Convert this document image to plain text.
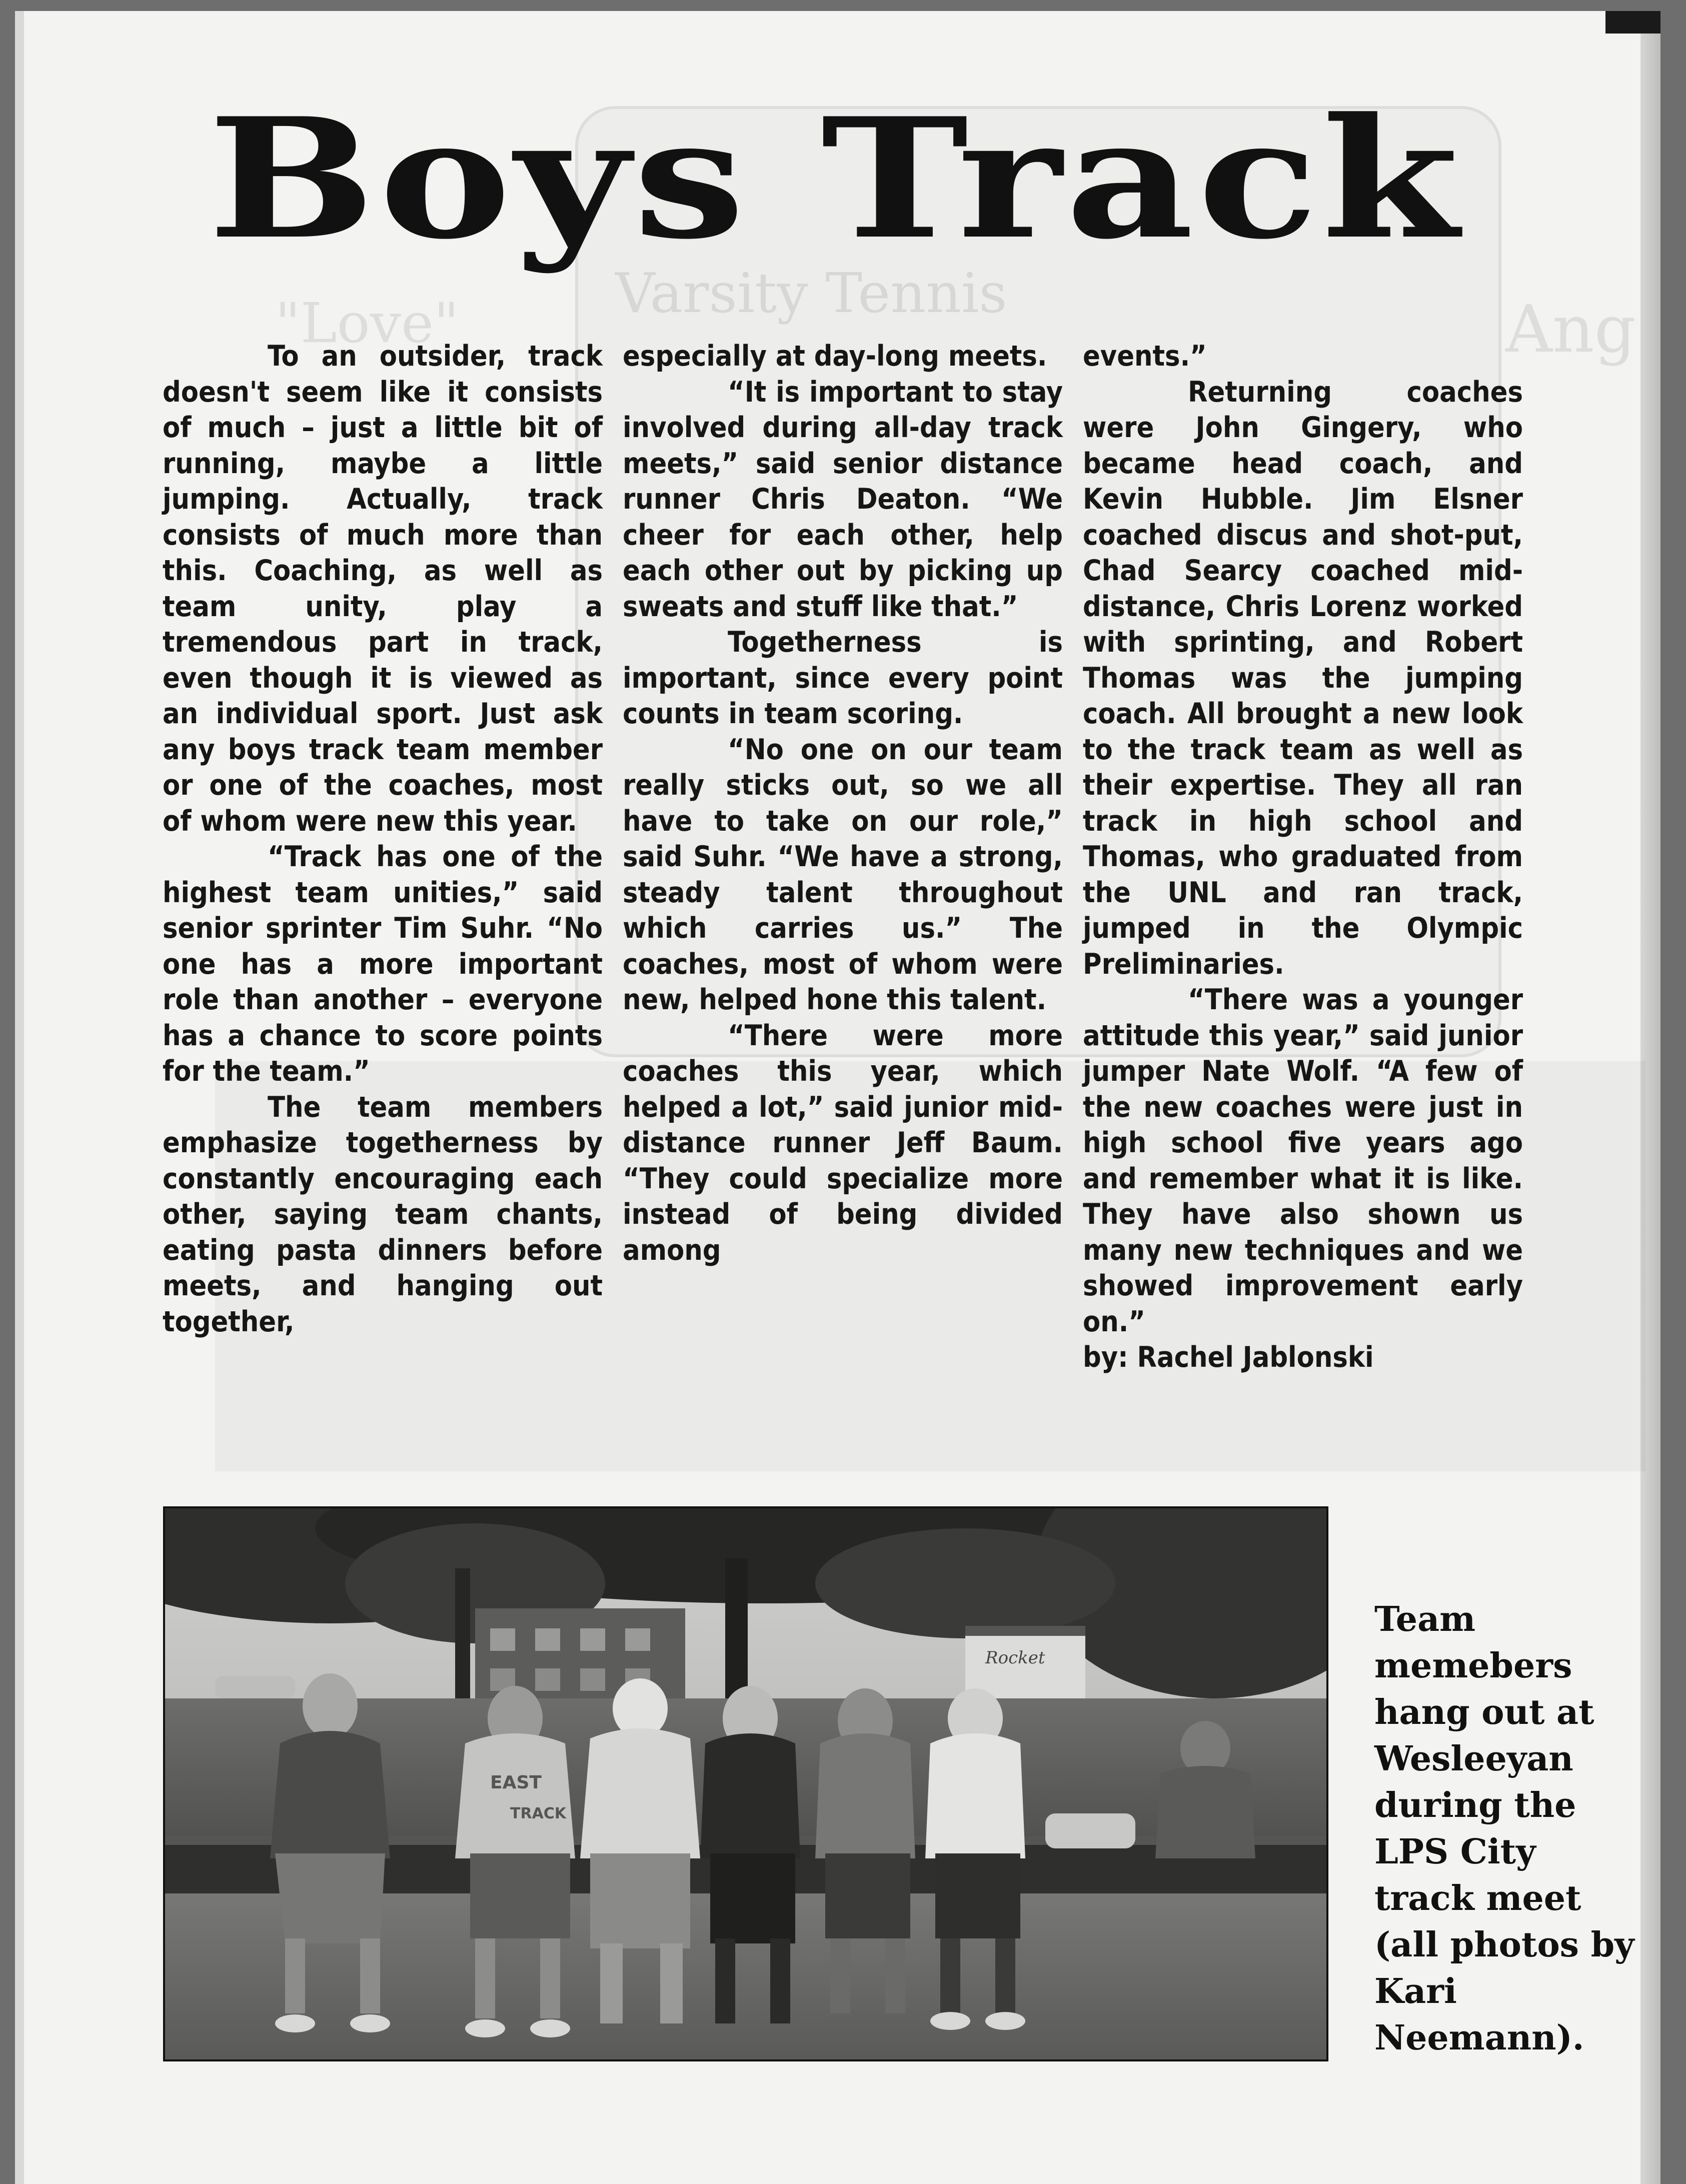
Varsity Tennis
"Love"	Ang
Boys Track

To an outsider, track doesn't seem like it consists of much – just a little bit of running, maybe a little jumping. Actually, track consists of much more than this. Coaching, as well as team unity, play a tremendous part in track, even though it is viewed as an individual sport. Just ask any boys track team member or one of the coaches, most of whom were new this year.

“Track has one of the highest team unities,” said senior sprinter Tim Suhr. “No one has a more important role than another – everyone has a chance to score points for the team.”

The team members emphasize togetherness by constantly encouraging each other, saying team chants, eating pasta dinners before meets, and hanging out together,

especially at day-long meets.

“It is important to stay involved during all-day track meets,” said senior distance runner Chris Deaton. “We cheer for each other, help each other out by picking up sweats and stuff like that.”

Togetherness is important, since every point counts in team scoring.

“No one on our team really sticks out, so we all have to take on our role,” said Suhr. “We have a strong, steady talent throughout which carries us.” The coaches, most of whom were new, helped hone this talent.

“There were more coaches this year, which helped a lot,” said junior mid-distance runner Jeff Baum. “They could specialize more instead of being divided among

events.”

Returning coaches were John Gingery, who became head coach, and Kevin Hubble. Jim Elsner coached discus and shot-put, Chad Searcy coached mid-distance, Chris Lorenz worked with sprinting, and Robert Thomas was the jumping coach. All brought a new look to the track team as well as their expertise. They all ran track in high school and Thomas, who graduated from the UNL and ran track, jumped in the Olympic Preliminaries.

“There was a younger attitude this year,” said junior jumper Nate Wolf. “A few of the new coaches were just in high school five years ago and remember what it is like. They have also shown us many new techniques and we showed improvement early on.”

by: Rachel Jablonski

Rocket
EAST
TRACK

Team memebers hang out at Wesleeyan during the LPS City track meet (all photos by Kari Neemann).
